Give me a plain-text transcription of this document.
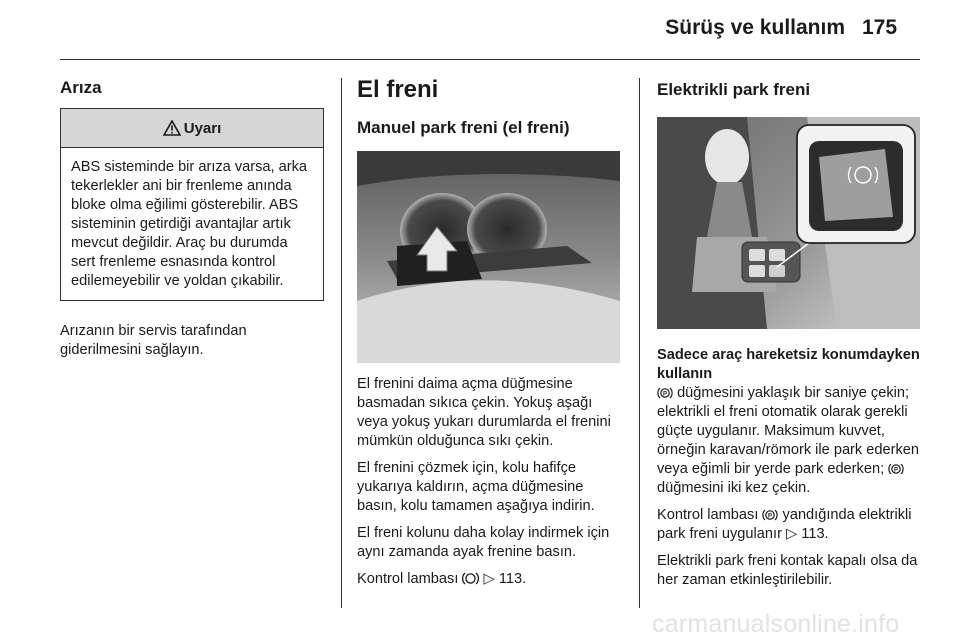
Sürüş ve kullanım 175
Arıza
Uyarı

ABS sisteminde bir arıza varsa, arka tekerlekler ani bir frenleme anında bloke olma eğilimi gösterebilir. ABS sisteminin getirdiği avantajlar artık mevcut değildir. Araç bu durumda sert frenleme esnasında kontrol edilemeyebilir ve yoldan çıkabilir.

Arızanın bir servis tarafından giderilmesini sağlayın.

El freni
Manuel park freni (el freni)

El frenini daima açma düğmesine basmadan sıkıca çekin. Yokuş aşağı veya yokuş yukarı durumlarda el frenini mümkün olduğunca sıkı çekin.

El frenini çözmek için, kolu hafifçe yukarıya kaldırın, açma düğmesine basın, kolu tamamen aşağıya indirin.

El freni kolunu daha kolay indirmek için aynı zamanda ayak frenine basın.

Kontrol lambası ▷ 113.

Elektrikli park freni

Sadece araç hareketsiz konumdayken kullanın

P düğmesini yaklaşık bir saniye çekin; elektrikli el freni otomatik olarak gerekli güçte uygulanır. Maksimum kuvvet, örneğin karavan/römork ile park ederken veya eğimli bir yerde park ederken; P
düğmesini iki kez çekin.

Kontrol lambası P yandığında elektrikli park freni uygulanır ▷ 113.

Elektrikli park freni kontak kapalı olsa da her zaman etkinleştirilebilir.

carmanualsonline.info
